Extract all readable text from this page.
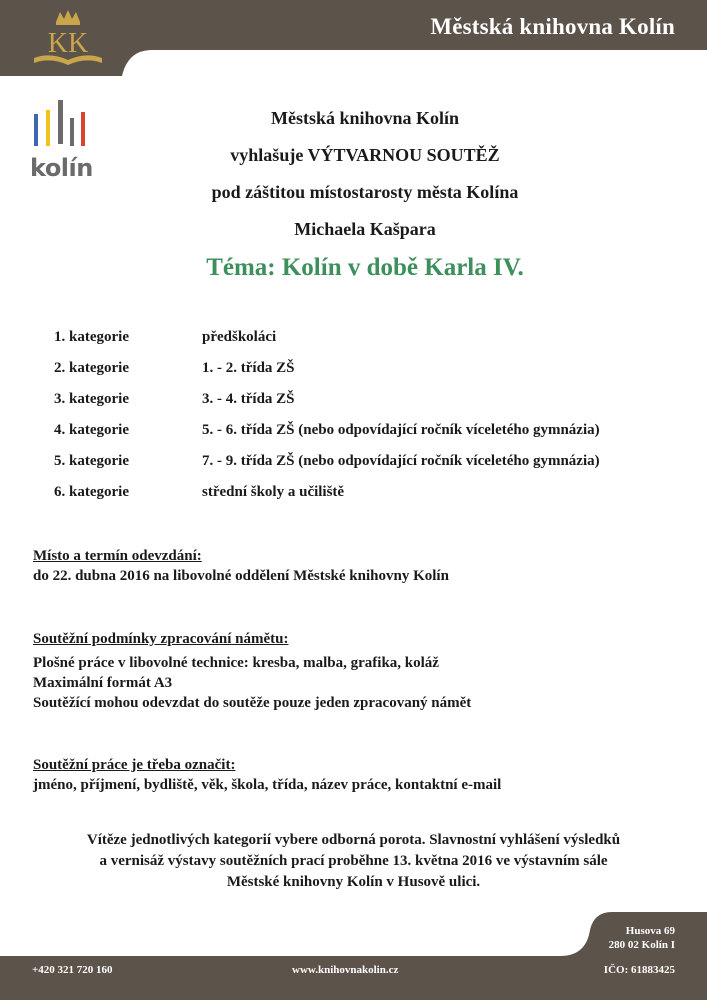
Městská knihovna Kolín
KK
kolín
Městská knihovna Kolín
vyhlašuje VÝTVARNOU SOUTĚŽ
pod záštitou místostarosty města Kolína
Michaela Kašpara
Téma: Kolín v době Karla IV.
1. kategorie	předškoláci
2. kategorie	1. - 2. třída ZŠ
3. kategorie	3. - 4. třída ZŠ
4. kategorie	5. - 6. třída ZŠ (nebo odpovídající ročník víceletého gymnázia)
5. kategorie	7. - 9. třída ZŠ (nebo odpovídající ročník víceletého gymnázia)
6. kategorie	střední školy a učiliště
Místo a termín odevzdání:
do 22. dubna 2016 na libovolné oddělení Městské knihovny Kolín
Soutěžní podmínky zpracování námětu:
Plošné práce v libovolné technice: kresba, malba, grafika, koláž
Maximální formát A3
Soutěžící mohou odevzdat do soutěže pouze jeden zpracovaný námět
Soutěžní práce je třeba označit:
jméno, příjmení, bydliště, věk, škola, třída, název práce, kontaktní e-mail
Vítěze jednotlivých kategorií vybere odborná porota. Slavnostní vyhlášení výsledků
a vernisáž výstavy soutěžních prací proběhne 13. května 2016 ve výstavním sále
Městské knihovny Kolín v Husově ulici.
Husova 69
280 02 Kolín I
+420 321 720 160	www.knihovnakolin.cz	IČO: 61883425
